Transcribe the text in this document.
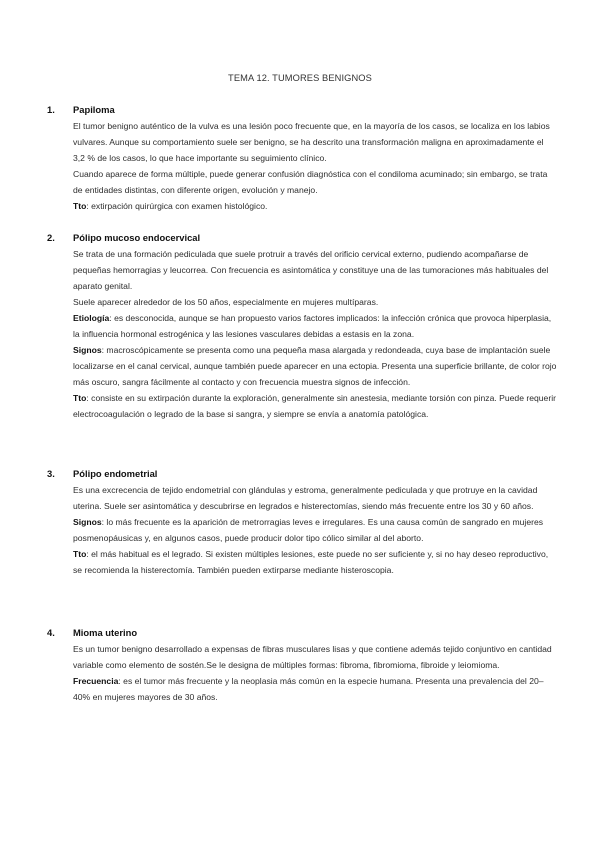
TEMA 12. TUMORES BENIGNOS
1. Papiloma

El tumor benigno auténtico de la vulva es una lesión poco frecuente que, en la mayoría de los casos, se localiza en los labios vulvares. Aunque su comportamiento suele ser benigno, se ha descrito una transformación maligna en aproximadamente el 3,2 % de los casos, lo que hace importante su seguimiento clínico.

Cuando aparece de forma múltiple, puede generar confusión diagnóstica con el condiloma acuminado; sin embargo, se trata de entidades distintas, con diferente origen, evolución y manejo.

Tto: extirpación quirúrgica con examen histológico.

2. Pólipo mucoso endocervical

Se trata de una formación pediculada que suele protruir a través del orificio cervical externo, pudiendo acompañarse de pequeñas hemorragias y leucorrea. Con frecuencia es asintomática y constituye una de las tumoraciones más habituales del aparato genital.

Suele aparecer alrededor de los 50 años, especialmente en mujeres multíparas.

Etiología: es desconocida, aunque se han propuesto varios factores implicados: la infección crónica que provoca hiperplasia, la influencia hormonal estrogénica y las lesiones vasculares debidas a estasis en la zona.

Signos: macroscópicamente se presenta como una pequeña masa alargada y redondeada, cuya base de implantación suele localizarse en el canal cervical, aunque también puede aparecer en una ectopia. Presenta una superficie brillante, de color rojo más oscuro, sangra fácilmente al contacto y con frecuencia muestra signos de infección.

Tto: consiste en su extirpación durante la exploración, generalmente sin anestesia, mediante torsión con pinza. Puede requerir electrocoagulación o legrado de la base si sangra, y siempre se envía a anatomía patológica.

3. Pólipo endometrial

Es una excrecencia de tejido endometrial con glándulas y estroma, generalmente pediculada y que protruye en la cavidad uterina. Suele ser asintomática y descubrirse en legrados e histerectomías, siendo más frecuente entre los 30 y 60 años.

Signos: lo más frecuente es la aparición de metrorragias leves e irregulares. Es una causa común de sangrado en mujeres posmenopáusicas y, en algunos casos, puede producir dolor tipo cólico similar al del aborto.

Tto: el más habitual es el legrado. Si existen múltiples lesiones, este puede no ser suficiente y, si no hay deseo reproductivo, se recomienda la histerectomía. También pueden extirparse mediante histeroscopia.

4. Mioma uterino

Es un tumor benigno desarrollado a expensas de fibras musculares lisas y que contiene además tejido conjuntivo en cantidad variable como elemento de sostén.Se le designa de múltiples formas: fibroma, fibromioma, fibroide y leiomioma.

Frecuencia: es el tumor más frecuente y la neoplasia más común en la especie humana. Presenta una prevalencia del 20–40% en mujeres mayores de 30 años.
